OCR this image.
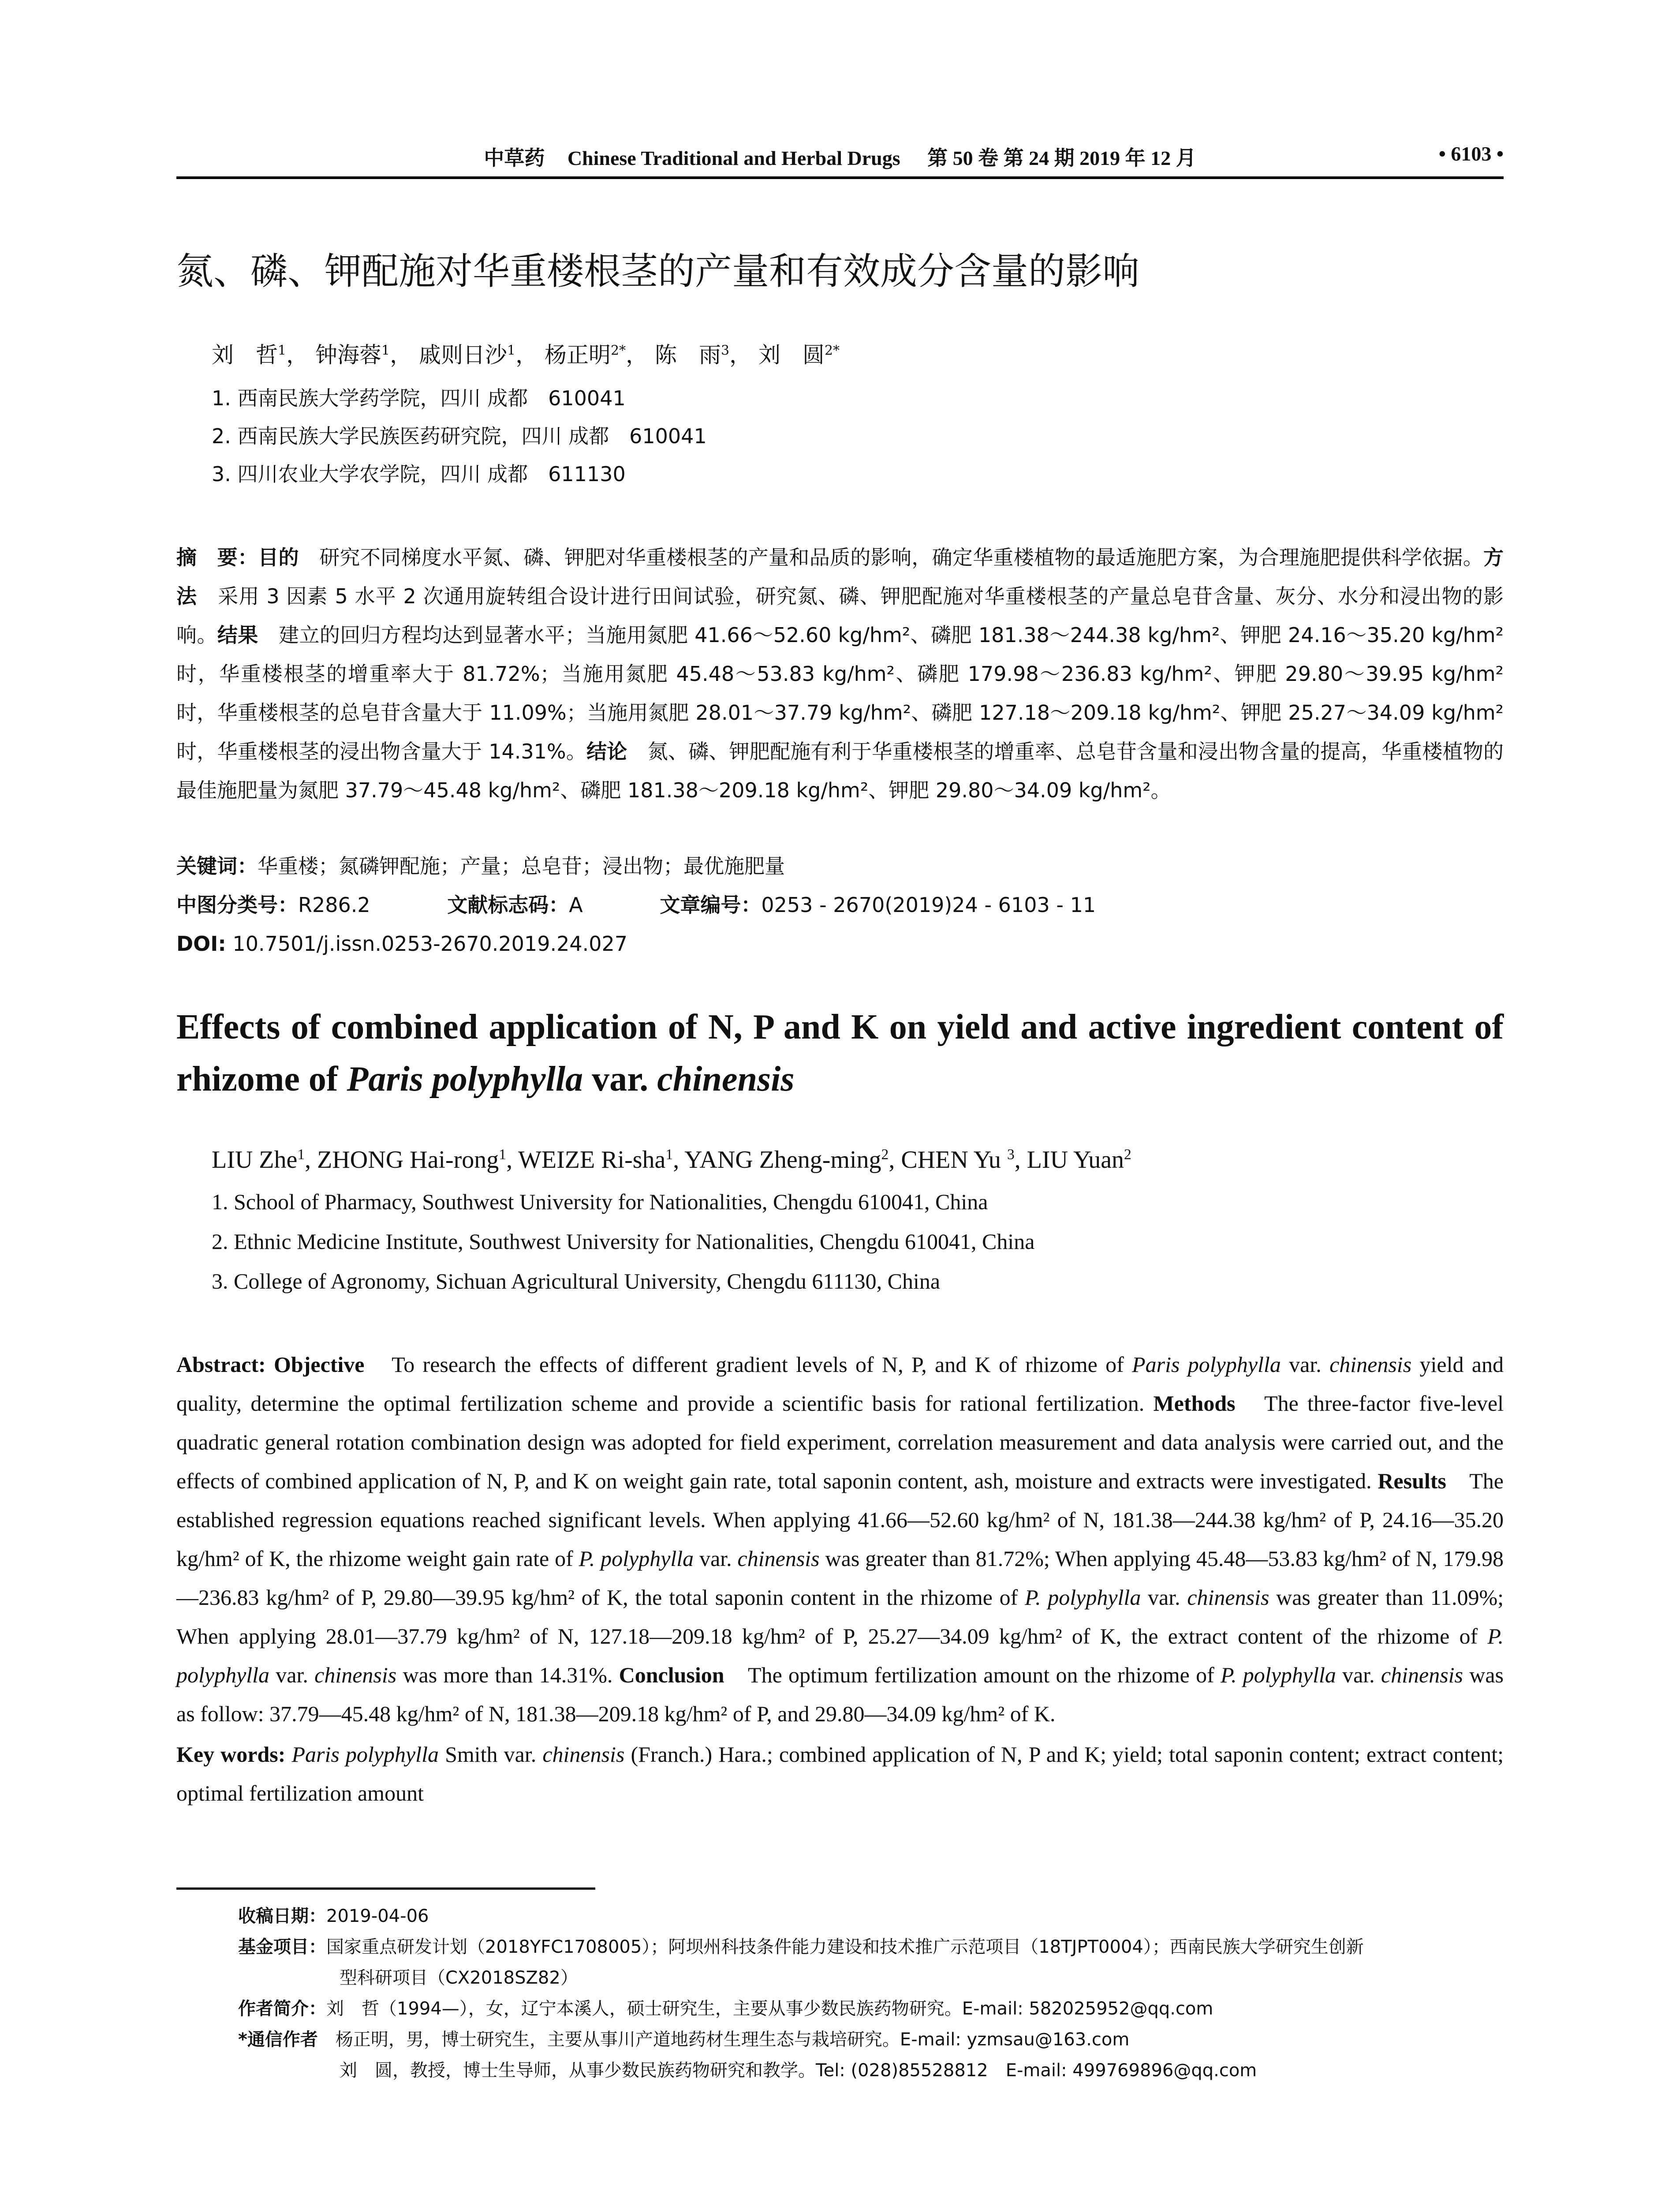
中草药 Chinese Traditional and Herbal Drugs 第 50 卷 第 24 期 2019 年 12 月	• 6103 •
氮、磷、钾配施对华重楼根茎的产量和有效成分含量的影响
刘　哲$^1$， 钟海蓉$^1$， 戚则日沙$^1$， 杨正明$^{2*}$， 陈　雨$^3$， 刘　圆$^{2*}$
1. 西南民族大学药学院，四川 成都　610041
2. 西南民族大学民族医药研究院，四川 成都　610041
3. 四川农业大学农学院，四川 成都　611130
摘　要：目的　研究不同梯度水平氮、磷、钾肥对华重楼根茎的产量和品质的影响，确定华重楼植物的最适施肥方案，为合理施肥提供科学依据。方法　采用 3 因素 5 水平 2 次通用旋转组合设计进行田间试验，研究氮、磷、钾肥配施对华重楼根茎的产量总皂苷含量、灰分、水分和浸出物的影响。结果　建立的回归方程均达到显著水平；当施用氮肥 41.66～52.60 kg/hm²、磷肥 181.38～244.38 kg/hm²、钾肥 24.16～35.20 kg/hm² 时，华重楼根茎的增重率大于 81.72%；当施用氮肥 45.48～53.83 kg/hm²、磷肥 179.98～236.83 kg/hm²、钾肥 29.80～39.95 kg/hm² 时，华重楼根茎的总皂苷含量大于 11.09%；当施用氮肥 28.01～37.79 kg/hm²、磷肥 127.18～209.18 kg/hm²、钾肥 25.27～34.09 kg/hm² 时，华重楼根茎的浸出物含量大于 14.31%。结论　氮、磷、钾肥配施有利于华重楼根茎的增重率、总皂苷含量和浸出物含量的提高，华重楼植物的最佳施肥量为氮肥 37.79～45.48 kg/hm²、磷肥 181.38～209.18 kg/hm²、钾肥 29.80～34.09 kg/hm²。
关键词：华重楼；氮磷钾配施；产量；总皂苷；浸出物；最优施肥量
中图分类号：R286.2	文献标志码：A	文章编号：0253 - 2670(2019)24 - 6103 - 11
DOI: 10.7501/j.issn.0253-2670.2019.24.027
Effects of combined application of N, P and K on yield and active ingredient content of rhizome of Paris polyphylla var. chinensis
LIU Zhe$^1$, ZHONG Hai-rong$^1$, WEIZE Ri-sha$^1$, YANG Zheng-ming$^2$, CHEN Yu $^3$, LIU Yuan$^2$
1. School of Pharmacy, Southwest University for Nationalities, Chengdu 610041, China
2. Ethnic Medicine Institute, Southwest University for Nationalities, Chengdu 610041, China
3. College of Agronomy, Sichuan Agricultural University, Chengdu 611130, China
Abstract: Objective　To research the effects of different gradient levels of N, P, and K of rhizome of Paris polyphylla var. chinensis yield and quality, determine the optimal fertilization scheme and provide a scientific basis for rational fertilization. Methods　The three-factor five-level quadratic general rotation combination design was adopted for field experiment, correlation measurement and data analysis were carried out, and the effects of combined application of N, P, and K on weight gain rate, total saponin content, ash, moisture and extracts were investigated. Results　The established regression equations reached significant levels. When applying 41.66—52.60 kg/hm² of N, 181.38—244.38 kg/hm² of P, 24.16—35.20 kg/hm² of K, the rhizome weight gain rate of P. polyphylla var. chinensis was greater than 81.72%; When applying 45.48—53.83 kg/hm² of N, 179.98—236.83 kg/hm² of P, 29.80—39.95 kg/hm² of K, the total saponin content in the rhizome of P. polyphylla var. chinensis was greater than 11.09%; When applying 28.01—37.79 kg/hm² of N, 127.18—209.18 kg/hm² of P, 25.27—34.09 kg/hm² of K, the extract content of the rhizome of P. polyphylla var. chinensis was more than 14.31%. Conclusion　The optimum fertilization amount on the rhizome of P. polyphylla var. chinensis was as follow: 37.79—45.48 kg/hm² of N, 181.38—209.18 kg/hm² of P, and 29.80—34.09 kg/hm² of K.
Key words: Paris polyphylla Smith var. chinensis (Franch.) Hara.; combined application of N, P and K; yield; total saponin content; extract content; optimal fertilization amount
收稿日期：2019-04-06
基金项目：国家重点研发计划（2018YFC1708005）；阿坝州科技条件能力建设和技术推广示范项目（18TJPT0004）；西南民族大学研究生创新
型科研项目（CX2018SZ82）
作者简介：刘　哲（1994—），女，辽宁本溪人，硕士研究生，主要从事少数民族药物研究。E-mail: 582025952@qq.com
*通信作者　杨正明，男，博士研究生，主要从事川产道地药材生理生态与栽培研究。E-mail: yzmsau@163.com
刘　圆，教授，博士生导师，从事少数民族药物研究和教学。Tel: (028)85528812　E-mail: 499769896@qq.com
